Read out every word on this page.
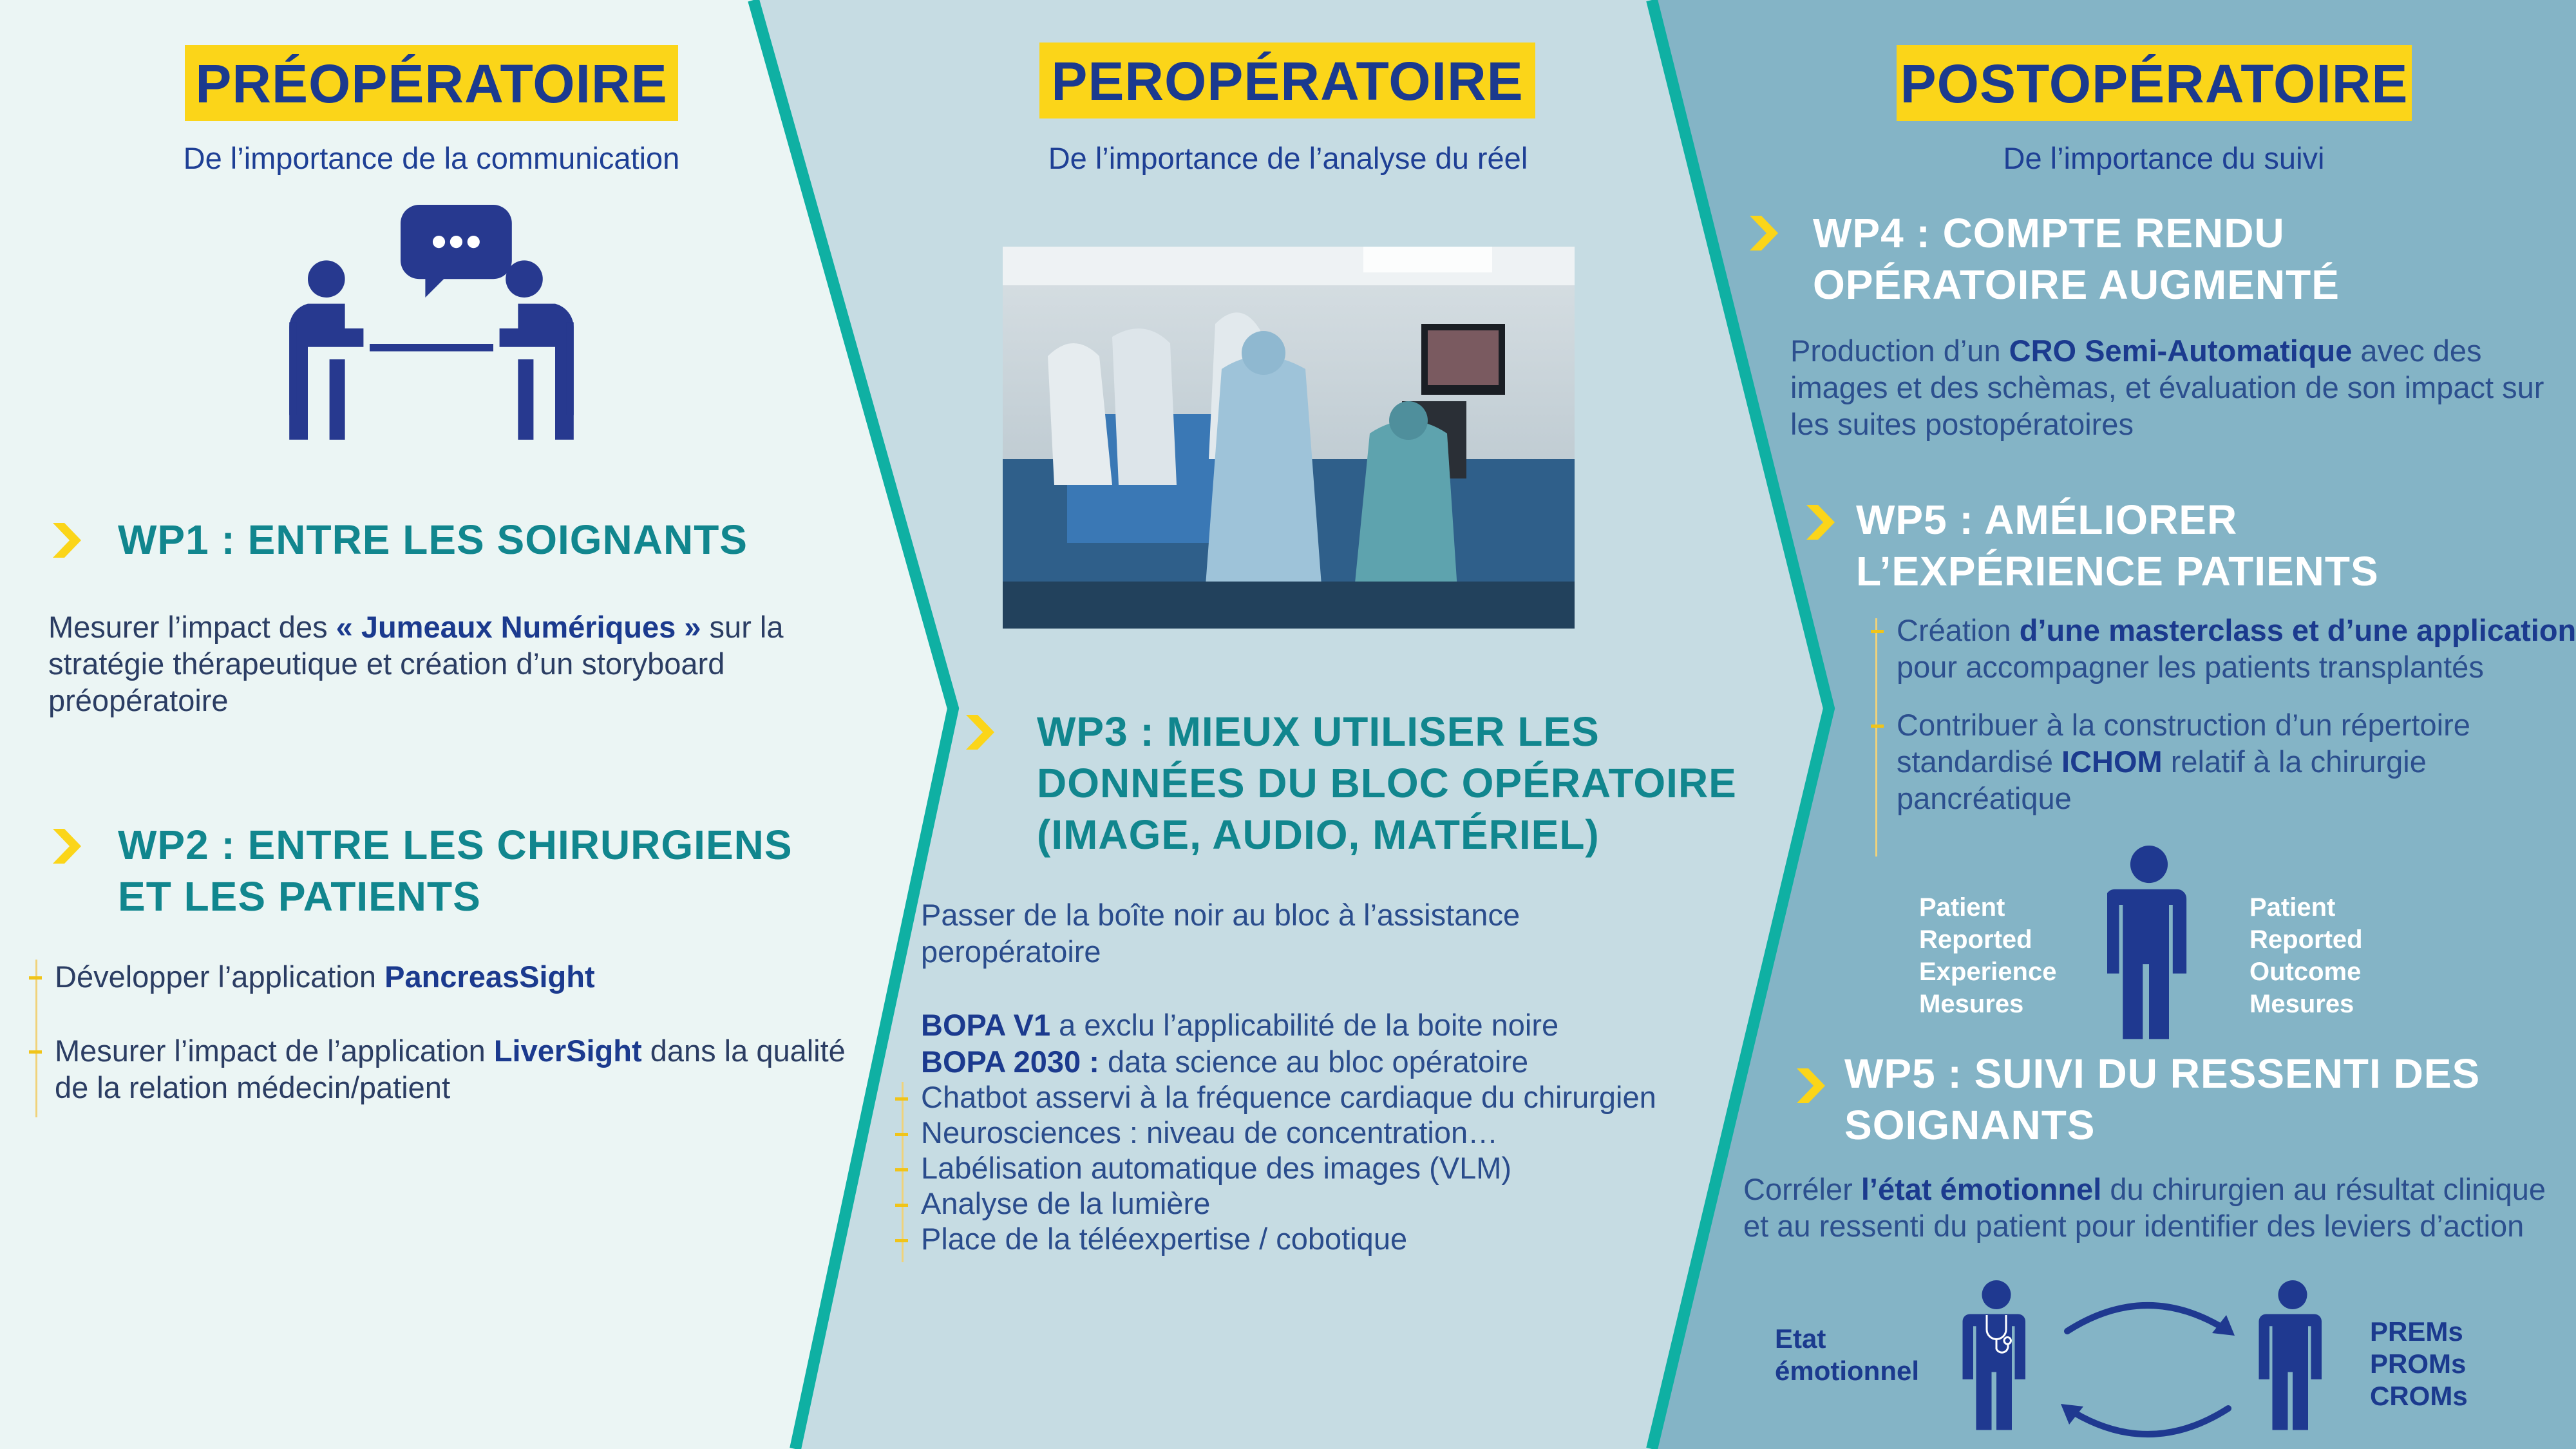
PRÉOPÉRATOIRE
De l’importance de la communication
WP1 : ENTRE LES SOIGNANTS
Mesurer l’impact des « Jumeaux Numériques » sur la stratégie thérapeutique et création d’un storyboard préopératoire
WP2 : ENTRE LES CHIRURGIENS
ET LES PATIENTS
Développer l’application PancreasSight
Mesurer l’impact de l’application LiverSight dans la qualité de la relation médecin/patient
PEROPÉRATOIRE
De l’importance de l’analyse du réel
WP3 : MIEUX UTILISER LES
DONNÉES DU BLOC OPÉRATOIRE
(IMAGE, AUDIO, MATÉRIEL)
Passer de la boîte noir au bloc à l’assistance peropératoire
BOPA V1 a exclu l’applicabilité de la boite noire
BOPA 2030 : data science au bloc opératoire
Chatbot asservi à la fréquence cardiaque du chirurgien
Neurosciences : niveau de concentration…
Labélisation automatique des images (VLM)
Analyse de la lumière
Place de la téléexpertise / cobotique
POSTOPÉRATOIRE
De l’importance du suivi
WP4 : COMPTE RENDU
OPÉRATOIRE AUGMENTÉ
Production d’un CRO Semi-Automatique avec des images et des schèmas, et évaluation de son impact sur les suites postopératoires
WP5 : AMÉLIORER
L’EXPÉRIENCE PATIENTS
Création d’une masterclass et d’une application pour accompagner les patients transplantés
Contribuer à la construction d’un répertoire standardisé ICHOM relatif à la chirurgie pancréatique
Patient
Reported
Experience
Mesures
Patient
Reported
Outcome
Mesures
WP5 : SUIVI DU RESSENTI DES
SOIGNANTS
Corréler l’état émotionnel du chirurgien au résultat clinique et au ressenti du patient pour identifier des leviers d’action
Etat
émotionnel
PREMs
PROMs
CROMs
